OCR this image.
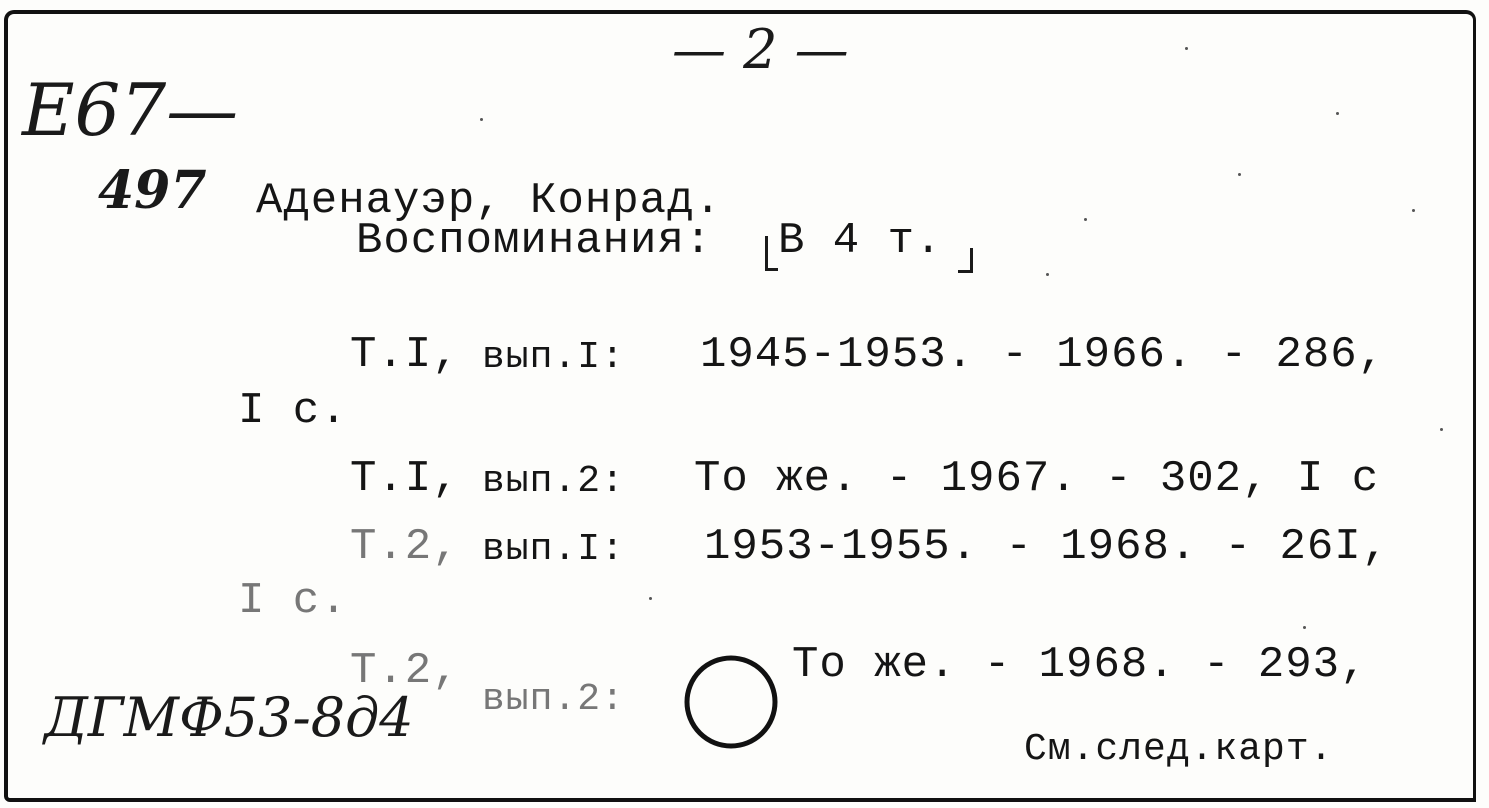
— 2 —
E67—
497 Аденауэр, Конрад.
Воспоминания: В 4 т.
Т.I, вып.I: 1945-1953. - 1966. - 286,
I с.
Т.I, вып.2: То же. - 1967. - 302, I с
Т.2, вып.I: 1953-1955. - 1968. - 26I,
I с.
Т.2,
вып.2:
То же. - 1968. - 293,
ДГМФ53-8д4
См.след.карт.
